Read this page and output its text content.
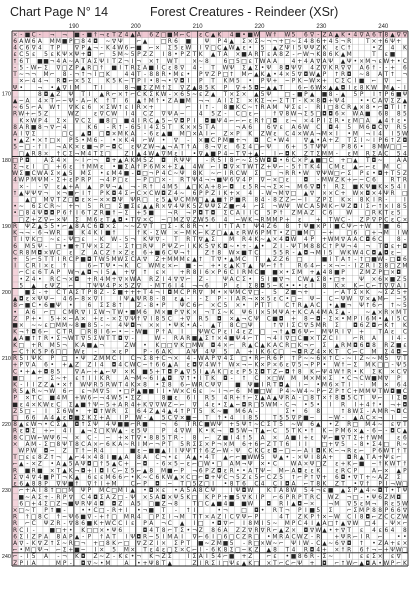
Chart Page N° 14	Forest Creatures - Reindeer (XSr)
× - ■ C - ¬ ¬ ■ - ■ ↑ ¬ ε T Z 4 ▲ A 6 Z □ ■ M ⌐ C ε C ▲ K 4 ■ • ■ W W ↑ W 5 6 ∇ - Z A ▲ K • 4 ∇ A 6 T 8 ▲ ∇ ∇
6 A W 6 A M M ■ P □ 8 4 ◘ ~ ∇ Ψ ⌐ ▲ □ R 6 ■ Ψ P 4 ▲ Σ × Σ ~ ¬ ¬ + □ ~ Σ 4 8 6 + 4 5 ¬ R	T × + 6 Ψ +
4 C 6 ∇ 4 T P	∇ P ▲ ¬ - K 4 W 6 ⌐ ■ ⌐ × Σ 5 ε W I ∇ □ C ▲ W ▲ ε • 5 ▲ Z Ψ I 5 Ψ Ψ Z K ε C ↑	• Z 4 K
ε C 5 ε 5 ε K Ψ × Ψ + ◘ ⌐ 5 M ~ 5 P Z Z I 8 • P Z T K ▲ T A × ■ A R T ε A 8 Z - ⌐ W ¬ K 8 6 K ▲ M	T ε ■
↑ 6 T ■ ■ ¬ 4 A ~ A T A Σ Ψ I T Z ¬ I ¬ × ↑ W T × ~ 8	6 □ 5 □ ε T W A A 4 + 4 A ∇ A Ψ ▲ Ψ • × M ¬ ε W + • C
- 5 - W ⌐ Σ ∇ □ Z P ▲ R □ ↑ ■ I T R Σ A ■ I C ε 8 ∇ 4 - T W Ψ Σ ▲ Σ • Ψ 8 ◘ Ψ ∇ 4 Z ∇ K R ∇ ∇ A 6 ↑ - - + 6
T ~ ¬ ¬ M ⌐ 8 - ¬ ↑ ¬ I □ K	4 4 T - 8 8 R • M ε • P ∇ Z P □ ↑ M ⌐ ▲ K ▲ • 4 × 5 ∇ ◘ W ▲ P ↑ R ◘ ~ 8 A T ↑ ¬
× ⌐ 4 4 ¬ R ◘ ⌐ × 5 Σ	K 5 K ~ T P I • 8 ¬ • ∇ ◘ I P T K M 5 • P Ψ + ~ P K ~ W × + C Σ C I ■ ⌐ ∇ ~
Ψ • ¬ • ▲ ∇ I M T I	8 ¬ ■ Σ Z M ↑ Σ ∇ Z ▲ 8 5 K P ∇ + 5 ◘ ~ ▲ ▲ T	6 ⌐ 6 W × ▲ ▲ ◘ I ε 8 K W M ▲ - I
8 ◘ ▲ Z Ψ T I ▲ R ⌐ × ↑ ⌐ C K Σ K W - × 6 5 ~ ε Z ▲ T × Σ × ▲ 5 Ψ □ - ■ P ▲ ■ 8 - ▲ 5 P I ↑ P 6 ■ Ψ
▲ ~ A 4 × T ⌐ ~ Ψ - A ⌐ K ↑ T 6 ▲ ↑ M ↑ • Z A ■ M ¬ ¬ A I Σ Σ × K Σ ¬ ⌐ Σ T T - K × 8 ◘ + Ψ 4	• • C A ∇ Σ Z ▲
~ 6 5 ⌐ A W ↑ ∇ K ε 6 × Σ W ↑ ε I R × +	⌐ I ↑ - 8 ■ K C ~ ↑ R A M Ψ Σ ε - R I □ 8 C R ▲ × 8 • ⌐ ◘ T I ↑
R W + ⌐ 5 Z	W Z	ε ∇ C W I 4 C Z ∇ Ψ A ~ 4 5 Z - C □ ε ⌐ ↑ ∇ 8 W ¬ Σ 5 □ ◘ ◘ 6 × W A ■ 6 8 8 5
K × W P 4 Σ × ∇ C Σ ■ 8 □ ■ 4 I R C ▲ 5 ~ ∇ ◘ P I ◘ ■ Ψ 4 ⌐ ⌐ ⌐ ε R ↑ □ ◘ ε ¬ × 4 P I Σ R • ε M □ A ▲ 4 ↑ ε •
8 A R ■ 8 ¬ ∇ ⌐ 4	K 6 - R ↑ - 6 5 I 4 Σ 5 T K × × 5 T A	¬ A 6	6 ∇ ε A 6 W C ◘ 4 5 M 6 ◘ C ∇ R 5
A I ∇ Σ	□ C ▲ ◘ □ ◘ × M K A - 6 ε ▲ ■ M □ × A I ⌐ Z × P K Z W ε C 4 × W A ¬ M × I • M ¬ I 4 I 5 W
• ▲ Z • × ↑ □ × P 5 • M 6 - • × K 4 ⌐ W • ∇ - × ■ C P M ■ + ¬ ◘ C • W 4	∇ ▲ • A + Z T Σ I ~ I P 6 ↑ Z ◘
5 ~ □ - ↑ I ¬ A K × ε ■ ¬ P ~ ◘ C ε Ψ Z W ¬ ▲ ¬ A T ↑ A 8 ¬ ∇ ε 6 Σ 4 □ ⌐ Ψ 6 + 5 T Ψ Ψ P 8 6 • 8 M W □ □ ~
□ ▲ R 8 × ↑ C Σ ¬ M 4 T Σ □ Z I ▲ 4 W ▲ ∇ M ε I • ∇ ▲ ■ P 4 ~ T ∇ + ▲ - I ⌐ ◘ K Z T Σ M M - ε M R Σ A C 5 4
□ P ◘ A Σ 4 × ~ I ⌐ ¬ ◘ + ▲ A K M 5 Z ◘ R Ψ Ψ	- R 5 I 8 ⌐ ~ Σ 5 W ◘ ◘ • 6 C × P ▲ ■ □ C + □ ▲ T ◘ ~ A A
Σ ¬ ε I □ + 6 ε ↑ M M ε • ■ Σ A ↑ P 6 M × + Σ ▲ 4 W ⌐ I ◘ ∇ × T W T Z + Ψ ⌐ - 5 ↑ T K 4 C M ε ▲ ⌐ ⌐ ε M C
W Σ ■ C W A Σ × ▲ 5 M Σ • ε M 4 ■ - ◘ □ ¬ P 4 C ~ Ψ 8 K ~ ⌐ I R C W Σ □ ¬ R R • W ∇ Ψ W □ ⌐ Σ P ε • ◘ + T 5 Z
4 W P M Ψ M - Σ + ε P R P ¬ 4 P □ ε ~ P □ □ × - R T Ψ 4 ¬ ¬ ■ Ψ 6 ∇ 4 P ∇ ~ × □ ε ◘ - M W Z K + ⌐ ~ C 6 R T R
× - - ∇ ε ▲ + A ▲ P Ψ ¬ ▲ ¬ - R ↑ 4 M 5 ▲ □ K A + 8 ⌐ ◘ ε 5 R ¬ ¬ Σ × ¬ M 6 ∇ ◘ ↑ R Σ ■ K Ψ ■ K × 5 4 I
↑ ▲ Ψ Ψ ∇ ¬ × ¬ ■ ⌐ I ↑ P K ◘ 4 Σ ⌐ C × C W ◘ Z 4 ~ 6 P P Z I K + × 4 - W ¬ M ∇ □ ▲ ∇ × × C + W × ◘ × 4 Ψ R □
▲ □ M ∇ T Z □ ◘ ε × ~ × × ◘ Ψ Ψ R □ ε 5 ▲ Ψ C M M □ ▲ ▲ ■ ↑ P ■ R 8 4 - 8 Z Z ⌐ ~ I Z P Σ K × 8 K I R -	I
• ~ 6 Σ C R ~ + ¬ 5 R □ Σ ■ Σ ε ▲ ▲ R × ∇ 4 Ψ K 5 Z Ψ Ψ Σ Z ■ ⌐ 4 ⌐ Σ ¬ W Ψ W C A 5 M K ⌐ Ψ Z ◘ I Σ ⌐ ↑ × I 8 5
• □ 8 4 Ψ ◘ ◘ P 6 ↑ I 6 T Z R ■ ↑ ~ Σ + 5 ■ ¬ R ¬ P ◘ T ◘ Σ C A I I C 5 P ↑ Z M A Z C 6 W □ R K T ε 5
□ Z + Z ∇ ⌐ × Ψ Σ M 6 ε T ▲ ◘ • T ∇ × C ~ □ M Z ∇ Z W 5 6 4 ~ W K ¬ R M M P + ε + T W C - Z P ∇ P C ε C ×
R Ψ Z ▲ 5 5 • ⌐ ▲ 8 A C 6 ◘ × Σ ~ ~ Z ∇ T □ Σ - K 8 R ¬ • I ↑ T A ↑ Ψ 4 Z 6 8 ↑ Ψ ■ × P I ■ C Ψ ⌐ + W ↑ ■ 6
K ¬ ¬ - 6 ¬ W R ■ K 4 K I ■ ↑	↑ K - Σ W × ~ M K ⌐ K Z □ ▲ ▲ ε R W 6 P M T • Z □ ■ M □ ~ + □ 6 □ + ¬ M I W
T I ∇ K □ ~ ε - Ψ □ ε - K W - 5 ¬ K Ψ ∇ - T R T ∇ ▲ Σ M R 4 K ~ ▲ × 4 ◘ W 4 P + W M ∇ A A C ◘ 6 C 8 -
6 M 5 Ψ - □ • ■ + T Ψ × Σ Z - Σ ↑ □ R Ψ P Ψ Z ⌐ I K K 5 ∇ K ◘ ~ • + - ▲ • Z I - Ψ T M 8 8 C ↑ P Ψ ¬ 4 ¬ T ◘ ε + ◘
C R 8 M ◘ × W C ε Z A C Z ↑ × Z ε 6 + ■ 6 C Ψ ¬ ↑ Z ↑ 8 W × ■ T C 5 5 R - ▲ ◘ ¬ M I 5 W K W 4 C ◘ ▲ ◘ ε ~
+ 5 ⌐ 5 T T I R C P ■ ◘ T W 5 M W Σ C A ∇ Z + M M M ε ▲ ↑ T ∇ • ▲ M C T ▲ Z Z 6 □	■ I T A ↑ - ↑ □ ■ W - □ ◘ 6
I C R I × ε ↑	6 ⌐ T Ψ • ¬ K C W M ε × ⌐ ■ - ~ + • ε ▲ K T ▲ Ψ ⌐ ↑ ↑ R 6 4 ⌐ - × ¬ ~ - I Z R I Σ 8 □ Z M
⌐ C ε 6 T A P W ¬ ▲ ◘ ¬ I 5 ▲ + ∇ ↑ ε × + R 8 I 6 × P 6 C I R M C ■ ■ × • Σ M + ▲ 4 8 ■ P	Z M Z P □ × ◘
• Z 4 • R C ¬ × ◘ + R 4 M + ∇ × W A R Z I 4 ∇ ∇ ⌐ Z -	Ψ A C Σ • 5 I ■ ∇ ¬ C W ▲ Σ 8 • □ + Ψ × 6 × ■ Z 5
5 ▲ ε Ψ Z ⌐ T Ψ Ψ 4 P × 5 Z ∇ - M T 6 I 4 ¬ ¬ 6	P ε Σ 8 ◘ 5 ~ K • • • ε I 8 K × K ⌐ C ⌐ T ∇ ∇ A I
■ Σ - + C T A Σ T P 8 Z - Σ ■ + + + T 4 ¬ I ◘ M C P R ∇ M • × Ψ M C ∇ □ - 5 Z ■ ¬ +	- ⌐ A T Σ × K ~ Σ Z 5 +
▲ ◘ ε × Ψ Ψ ~ 4 6 ⌐ 8 × ∇ I	I Ψ ▲ Ψ R 8 - 8 ε ▲ - - Σ P - I A R ¬ × × 5 ε C • □ ~ Ψ ~ C ~ Ψ W ∇ × ▲ M ⌐ ~ 5
8 ⌐ ■ C • 6 ■ Ψ •	6 Σ Σ 8 ↑ Z - 8 • P Ψ C 6 ⌐ × C 5 × • P T T	C ↑ R ▲ A C • ▲ ■ ¬ Ψ ↑ 6 ⌐ ↑ ~ 5
• A 6 ⌐ □ C M R ∇ I Σ W ¬ T W • ■ M 6 M × ■ P ∇ K × ¬ T Σ ~ K Ψ 6 I × 5 M Ψ A + K C A 4 M A Σ ▲ -	~ ▲ × R × M T
Z P + • 5 + × ~ A × + ε - × Σ ∇ Ψ ↑ ∇ I 8 5 C + ∇ R 5 ◘ × ▲ ¬ C Ψ C ■ ◘ + 8 ~ ◘ - Σ × • M P I 6 M • ▲ I 5 C
■ × ~ ~ ε □ M M ~ 8 ■ 8 5 - ~ 4 Ψ ◘ ¬ × × • Ψ K • A - ▲ T 8 C □ Ψ	↑ ∇ I Σ C ∇ 5 M R Σ ◘ 6 Z ◘ ⌐ K ↑ K
K ¬ ↑ ◘ 6 ⌐ C T R □ R 8 I 6 ⌐ • ~ - W ■ P ↑ A I	Ψ W C P ε I 4 ε Z □ ¬ ↑ ▲ ◘ 6 Ψ ⌐ M Ψ R I ∇ + T A ε C
▲ A ■ ↑ ↑ R • Σ ¬ W T ∇ 5 Σ W T T ◘ ∇ -	W - R A R ■ ▲ Σ ↑ × 4 ■ Ψ 4 ⌐ T ¬ 4 I ∇ □ C ■ × T Z C I	⌐ R A	I 4 -
K □ + R M 5 ¬ K A ■ ▲ ¬	Z W • K □ □ ∇ K □ M W ◘ 4 × ⌐ R ▲ C ▲ K A C R □ K ¬ ⌐ Σ ▲ R M ◘ 6 ◘ 8 R Z ■ ε
⌐ C ↑ K 5 P 6 □ □ W ε -	× ε P	P - 6 A K A Ψ 4 Ψ 5 A + I K 6 C □ ¬ ◘ R Z 4 × K T C ⌐ C M Σ 4 ◘ ~
R 5 I Ψ K P □ • Ψ Z M M C I C ¬ Σ 8 + C ¬ × 4 - W A P ∇ 4 Σ □ • R ⌐ R 6 P ↑ P ~ ~ 6 × ↑ C - ~ I Z ~ ~ M 5 ∇ T
+ P ∇ A 6 • + ▲ Z Z I 4 ◘ 4 C W C ~ ↑ 6 6 ▲ A ε ◘ ∇ 4 W ↑ W × ¬ ~ K × P × 6 ε ∇ 5 ¬ P P • W ↑ ~ Σ M K □ □ - Ψ 5
C • + ▲ + ◘ 8 5	∇ A ⌐ + ▲ ⌐ Ψ × K ■ 5 + T ◘ P ▲ ∇ 5 I ▲ A K □ ε ε P 5 Σ ◘ T Z ⌐ ◘ ↑ 8 K ⌐ Ψ 4 W ↑ R • K Σ K × C ∇
■ □ ⌐ Σ ~ + ε ↑ I I K R A ¬ M ~ 6 I ▲ ◘ ∇ ↑ • I T K ◘ - ↑ C × □ W M M × M × Σ • C ¬ C W ■ M ∇ P
K - I I Z Z ▲ • × ↑ W Ψ R 5 R W T 4 K × 8 • Σ 8 6 ⌐ W R C Ψ ∇ ■ Ψ ■ I R T ◘ ▲ I ~ • M 6 × T I - M × 6 4
R 5 ▲ R ~ ¬ W 6 ⌐ ε ¬ M ∇ 5 • □ P ▲ ■ ■ I I • W × C 6 ε ~ I ¬ ⌐ 6 M ■ □ W P 4 ~ W 4 ~ P ⌐ Z P ↑ C + M M Ψ T W ◘ ■ C
P × T C ■ 4 M + W 6 ⌐ ¬ 4 W 5 • Σ Z	8 ■ ε 6 I R 5 4 R + ↑ ⌐ Σ ▲ A ▲ Ψ R A - □ 8 T × ↑ 8 ◘ 5 C T Ψ ⌐ I Σ ◘
■ ε 4 × K W ε C Σ ▲ ■ ↑ Ψ ~ 5 + A R 4 + K ∇ ∇ W Z ~ ⌐ ∇ 4 ε • Σ ▲ ~ ◘ R □ 5 W M - C ¬ • 5 • I R I + 4 ↑ • ¬ + ◘
Z 5 □ - I Σ 6 W • + ◘ ↑ W R Σ 6 4 Z ▲ 4 ▲ 4 ↑ P T 5 K ~ ■ M 6 A -	Σ • 6 8	↑ 8 W Σ - A M R ¬ ◘ C
□ 6 6 A 4 ▲ ε ◘ ■ Σ K Σ + A I P W - ▲ 5 C ∇ × ■ ~ T ↑ • 4 I 8 5	T 5 5 ∇ P ■ ~ ~ W - ▲ A C × ¬ I ~
8 ▲ ε W ¬ • C Σ ▲ ◘ ↑ Σ Ψ 4 Ψ ■ ■ ⌐ R ■ ¬ 6 T R C ■ W Ψ + 5 Ψ ↑ ~ C Σ T 5 ~ W 6 ▲ • Z R □ M 4 ~ ε ∇ T
R ε ◘ Σ + ⌐ 4 I ▲ ¬ Σ □ K W ▲ - ε 5 Ψ P 4 ∇ W K • K ¬ ◘ 5 W ¬ T ▲ ⌐ C 5 T K • ↑ K ~ P M 6 × ▲ - 6 ~ - ◘ C ▲
8 C □ W ⌐ W Ψ 6 ¬ × C - ~ + × T ∇ • 8 8 5 T R - 8 ⌐ Z ■ I 4 ↑ 5 A × A ■ I + ε Ψ ⌐ ■ ∇ T Σ + ↑ W M ε 6
× A M - Σ □ 8 Ψ T 8 C A × ⌐ 6 K A ~ R I M ⌐ ¬ P T 5 R Σ Σ × P ¬ × M 6 + 6 ⌐ Z T T 6 I I	□ + ∇ 5 - 8 • Σ 4 □ R ~
W P W ◘ ~ Z T ↑ ~ R 4	■ ε ~ ■ ■ ▲ I I Ψ Ψ T ↑ 6 Z ⌐ W - Ψ C K C ε ◘ ~ □ ~ ⌐ A I ◘ K K ~ ¬ R ε ⌐ P 6 W T ↑ T
T □ ε ε 8 Z ↑ ¬ ▲ ⌐ 4 × 4 8 I ■ ▲ A 8 A C ¬ • ε A ▲ • 4 T ▲ ⌐ ⌐ ■ W W 5 Ψ ▲ • - × Ψ I 8 A + ◘ R ▲ T A + Ψ ε ⌐
⌐ ▲ - × Z • A ▲ 5 A Ψ ◘ □ ↑ 5 ▲ C + ~ ◘ - 6 × 5 ~ ε ⌐ □ W • □ A M ¬ Ψ × • C W A × Ψ □ Z ε + K ⌐ ■ ~ ↑ K W T ↑
R ■ R ■ × T ▲ K ¬ ◘ + I ◘ I C ⌐ Σ 5 ⌐ ▲ 8 M ■ ⌐ P ¬ 6 P Z ◘ ε R • • A T Ψ ~ M ⌐ A ◘ ε ε K	ε R C P	A ⌐ × ▲ P
Σ ∇ 4 ∇ 4 ■ P T ¬ K ▲ 6 ε ε M 6 6 ⌐ • K ~ C 6 K W ▲ × C □ ⌐ ◘ + Ψ C ¬ 5 Z ε 5 ⌐ C Z 5 ↑ ⌐ P ↑ ∇ + 6 ◘ • ∇ T + ~ A Z Σ
ε 6 ▲ 8 8 P ∇ Ψ ■ ↑ ∇ ↑ I + M C ⌐ P ◘ ~ T □ 5 Z □ I • 8 T 6 C 4 C I ◘ A ⌐ T 8 K Z T • ∇ ↑ P I ¬ W □
⌐ + A I 8 ↑ □ □ M Ψ P M C □ M I ▲ • ◘ × ε • A 5 A 8 C Ψ	I Ψ ◘ W K T A 8 W 5 4 ¬ ε ■ ▲ Σ P ▲ 4 ~ ◘ T • T Ψ
■ ~ A Σ + - R P ∇ C 4 ◘ Σ A Z □ - Ψ × 5 A ◘ × Ψ 5 K □ K P P + ■ 5 ∇ K I P ⌐ 6 P R P T R C W Z ¬ □ - • Ψ 6 Z M ◘
6 □ + 4 Σ □ Z ¬ ■ Ψ R Ψ 4 ◘ ◘ Z A 5 □ ■ Z ¬ 8	T □ C ▲ ■ 4 ■ ■ W ◘ R I ▲ ◘ ~ × ¬ M ∇ 5 ε M ¬ R ε 5 W
× □ ~ T P ↑ ■ -	• • C □ - R + I • ¬ ■ T - ↑ I	• ¬ □ ◘ • R T ¬ P I ■ 5 Σ ⌐ Σ M P 8 8 P 6 6 ∇
R ↑ □ 8 C ↑ ~ Ψ 6 ■ ∇ - + ↑ □ M R 4 □ P Σ I ¬ M T T × A Z I C ∇ Ψ ⌐ P	4 T Z K P ↑ × ~ W C I 8 ◘ ⌐ Z C C Z W
R ⌐ C Ψ Z R - ∇ 8 6 ■ K + W C C I ε P A ¬ C ▲ I □ • ◘ ∇ ⌐ I 8 M I 5 ~ M P C 4 I ▲ A □ ↑ ▲ ∇ W □ 4 - Ψ × ⌐
R C I -	■ □ + • K □ □ × • Ψ 6	◘ 4 T 8 ⌐ T Σ • ¬ Z 8 6 A Z Z ∇ R ∇ R ⌐ ▲ Z × ◘ ∇ W ▲ • + ∇ T ε 4 ε 6 4 8
6 Σ I Z P A 8 A P ▲ - P ↑ A T I Ψ ◘ R ~ 5 I M A I ∇ ⌐ 6 I □ 6 □ C Z R □ • M R A C W Z - R + Ψ R ⌐ I R ⌐ • •
A ∇ - K ∇ Z ↑ Σ ~ R □ ¬ + □ 8 K ⌐ □ ∇ Z Z I × Σ P T ■ ~ Z M ■ 5 - R □ × W ~ ⌐ Ψ I W - C ▲ ~ 6 ∇ ◘ ↑ • Z A + ε ×
⌐ • M □ Ψ ¬ ⌐ Σ + ■ ~ I × 5 M × T ε 4 ε □ Σ × C ⌐ I - 6 K 8 Σ □ ~ K Z ▲ 8 T 4 R ◘ 4 + × ↑ R 6 ↑ ¬ ~ + Ψ W □
⌐ - I 5 A - ¬ K ◘ Z ~ Z - K ε • ¬ K ¬ Z Σ	I Σ A I 5 4 ⌐ ■ + Z ⌐ ε • ■ 8 6 R - Σ ~	I ε ε Σ × ε ∇
Z P I A	M P - ◘ ∇ ~ • M A • + Ψ 8 T ▲	Z I R Σ I □ Ψ ε ▲ K □ × T ⌐ C ⌐ Ψ + ◘ ⌐ ↑ W ⌐ ▲ ◘ A • W P ⌐ K
190	200	210	220	230	240
170
180
190
200
210
220
230
240
